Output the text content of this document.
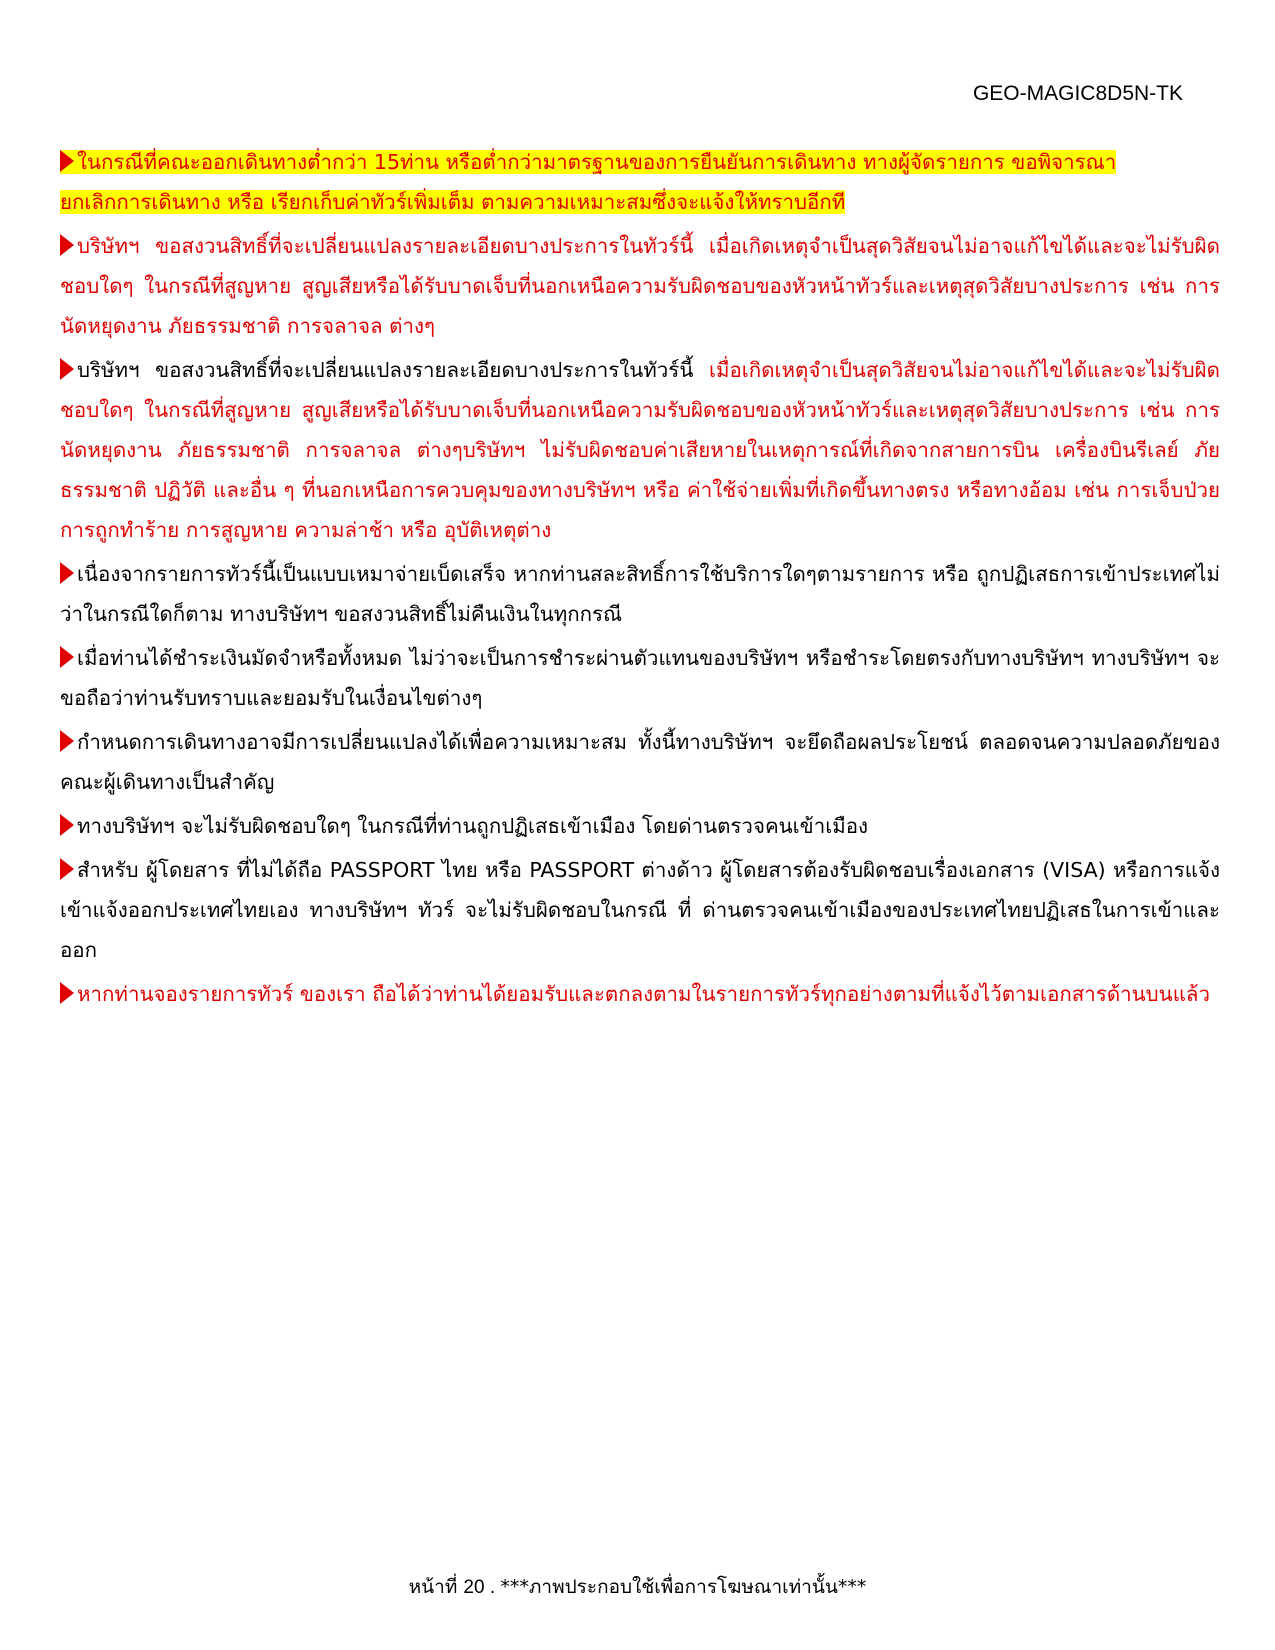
GEO-MAGIC8D5N-TK

ในกรณีที่คณะออกเดินทางต่ำกว่า 15ท่าน หรือต่ำกว่ามาตรฐานของการยืนยันการเดินทาง ทางผู้จัดรายการ ขอพิจารณา
ยกเลิกการเดินทาง หรือ เรียกเก็บค่าทัวร์เพิ่มเต็ม ตามความเหมาะสมซึ่งจะแจ้งให้ทราบอีกที

บริษัทฯ ขอสงวนสิทธิ์ที่จะเปลี่ยนแปลงรายละเอียดบางประการในทัวร์นี้ เมื่อเกิดเหตุจำเป็นสุดวิสัยจนไม่อาจแก้ไขได้และจะไม่รับผิดชอบใดๆ ในกรณีที่สูญหาย สูญเสียหรือได้รับบาดเจ็บที่นอกเหนือความรับผิดชอบของหัวหน้าทัวร์และเหตุสุดวิสัยบางประการ เช่น การนัดหยุดงาน ภัยธรรมชาติ การจลาจล ต่างๆ

บริษัทฯ ขอสงวนสิทธิ์ที่จะเปลี่ยนแปลงรายละเอียดบางประการในทัวร์นี้ เมื่อเกิดเหตุจำเป็นสุดวิสัยจนไม่อาจแก้ไขได้และจะไม่รับผิดชอบใดๆ ในกรณีที่สูญหาย สูญเสียหรือได้รับบาดเจ็บที่นอกเหนือความรับผิดชอบของหัวหน้าทัวร์และเหตุสุดวิสัยบางประการ เช่น การนัดหยุดงาน ภัยธรรมชาติ การจลาจล ต่างๆบริษัทฯ ไม่รับผิดชอบค่าเสียหายในเหตุการณ์ที่เกิดจากสายการบิน เครื่องบินรีเลย์ ภัยธรรมชาติ ปฏิวัติ และอื่น ๆ ที่นอกเหนือการควบคุมของทางบริษัทฯ หรือ ค่าใช้จ่ายเพิ่มที่เกิดขึ้นทางตรง หรือทางอ้อม เช่น การเจ็บป่วย การถูกทำร้าย การสูญหาย ความล่าช้า หรือ อุบัติเหตุต่าง

เนื่องจากรายการทัวร์นี้เป็นแบบเหมาจ่ายเบ็ดเสร็จ หากท่านสละสิทธิ์การใช้บริการใดๆตามรายการ หรือ ถูกปฏิเสธการเข้าประเทศไม่ว่าในกรณีใดก็ตาม ทางบริษัทฯ ขอสงวนสิทธิ์ไม่คืนเงินในทุกกรณี

เมื่อท่านได้ชำระเงินมัดจำหรือทั้งหมด ไม่ว่าจะเป็นการชำระผ่านตัวแทนของบริษัทฯ หรือชำระโดยตรงกับทางบริษัทฯ ทางบริษัทฯ จะขอถือว่าท่านรับทราบและยอมรับในเงื่อนไขต่างๆ

กำหนดการเดินทางอาจมีการเปลี่ยนแปลงได้เพื่อความเหมาะสม ทั้งนี้ทางบริษัทฯ จะยึดถือผลประโยชน์ ตลอดจนความปลอดภัยของคณะผู้เดินทางเป็นสำคัญ

ทางบริษัทฯ จะไม่รับผิดชอบใดๆ ในกรณีที่ท่านถูกปฏิเสธเข้าเมือง โดยด่านตรวจคนเข้าเมือง

สำหรับ ผู้โดยสาร ที่ไม่ได้ถือ PASSPORT ไทย หรือ PASSPORT ต่างด้าว ผู้โดยสารต้องรับผิดชอบเรื่องเอกสาร (VISA) หรือการแจ้งเข้าแจ้งออกประเทศไทยเอง ทางบริษัทฯ ทัวร์ จะไม่รับผิดชอบในกรณี ที่ ด่านตรวจคนเข้าเมืองของประเทศไทยปฏิเสธในการเข้าและออก

หากท่านจองรายการทัวร์ ของเรา ถือได้ว่าท่านได้ยอมรับและตกลงตามในรายการทัวร์ทุกอย่างตามที่แจ้งไว้ตามเอกสารด้านบนแล้ว

หน้าที่ 20 . ***ภาพประกอบใช้เพื่อการโฆษณาเท่านั้น***
